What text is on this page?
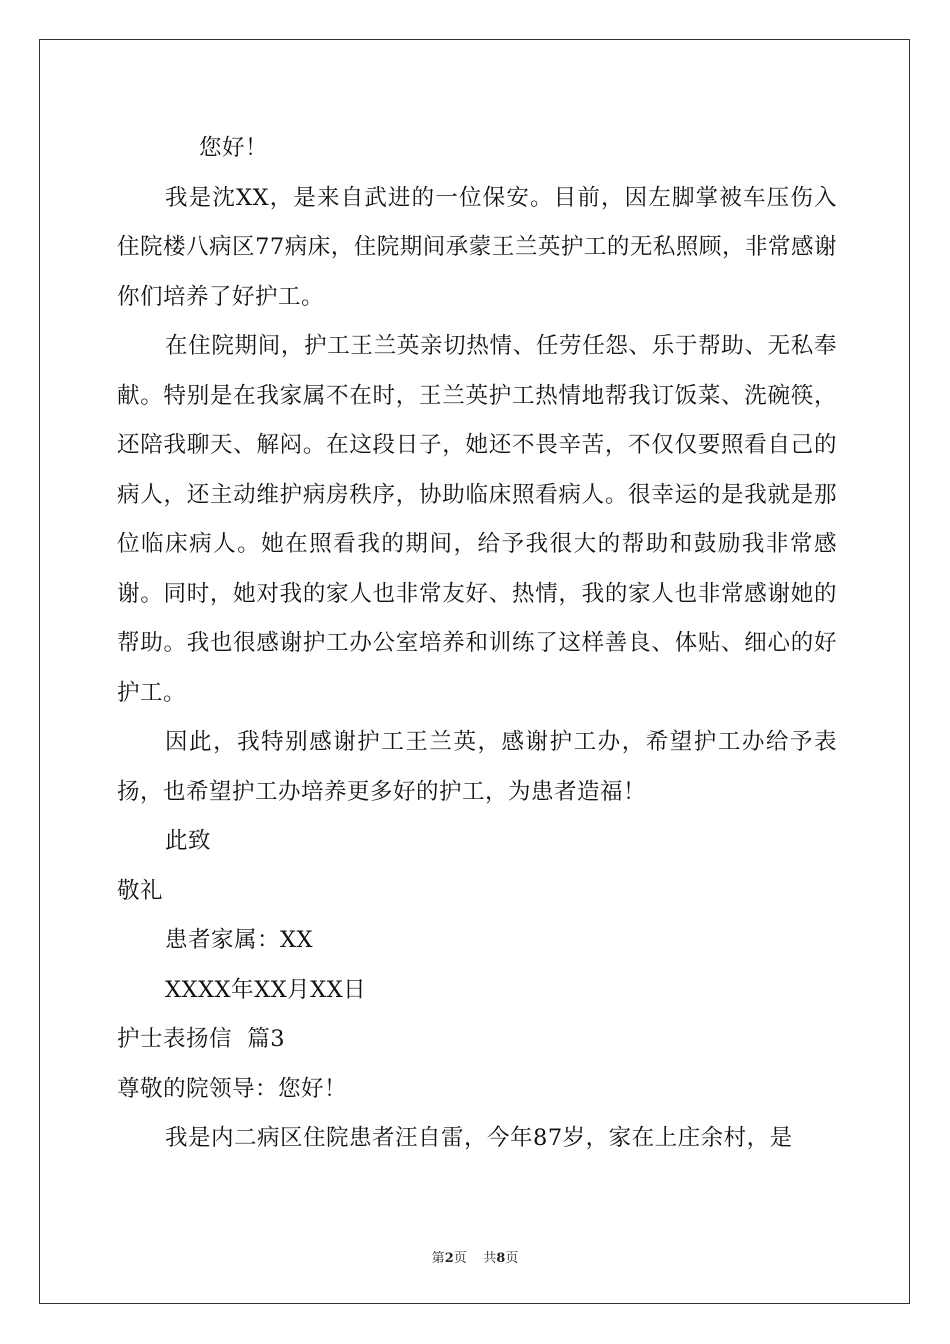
您好！

我是沈XX，是来自武进的一位保安。目前，因左脚掌被车压伤入住院楼八病区77病床，住院期间承蒙王兰英护工的无私照顾，非常感谢你们培养了好护工。

在住院期间，护工王兰英亲切热情、任劳任怨、乐于帮助、无私奉献。特别是在我家属不在时，王兰英护工热情地帮我订饭菜、洗碗筷，还陪我聊天、解闷。在这段日子，她还不畏辛苦，不仅仅要照看自己的病人，还主动维护病房秩序，协助临床照看病人。很幸运的是我就是那位临床病人。她在照看我的期间，给予我很大的帮助和鼓励我非常感谢。同时，她对我的家人也非常友好、热情，我的家人也非常感谢她的帮助。我也很感谢护工办公室培养和训练了这样善良、体贴、细心的好护工。

因此，我特别感谢护工王兰英，感谢护工办，希望护工办给予表扬，也希望护工办培养更多好的护工，为患者造福！

此致

敬礼

患者家属：XX

XXXX年XX月XX日

护士表扬信  篇3

尊敬的院领导：您好！

我是内二病区住院患者汪自雷，今年87岁，家在上庄余村，是

第2页    共8页
